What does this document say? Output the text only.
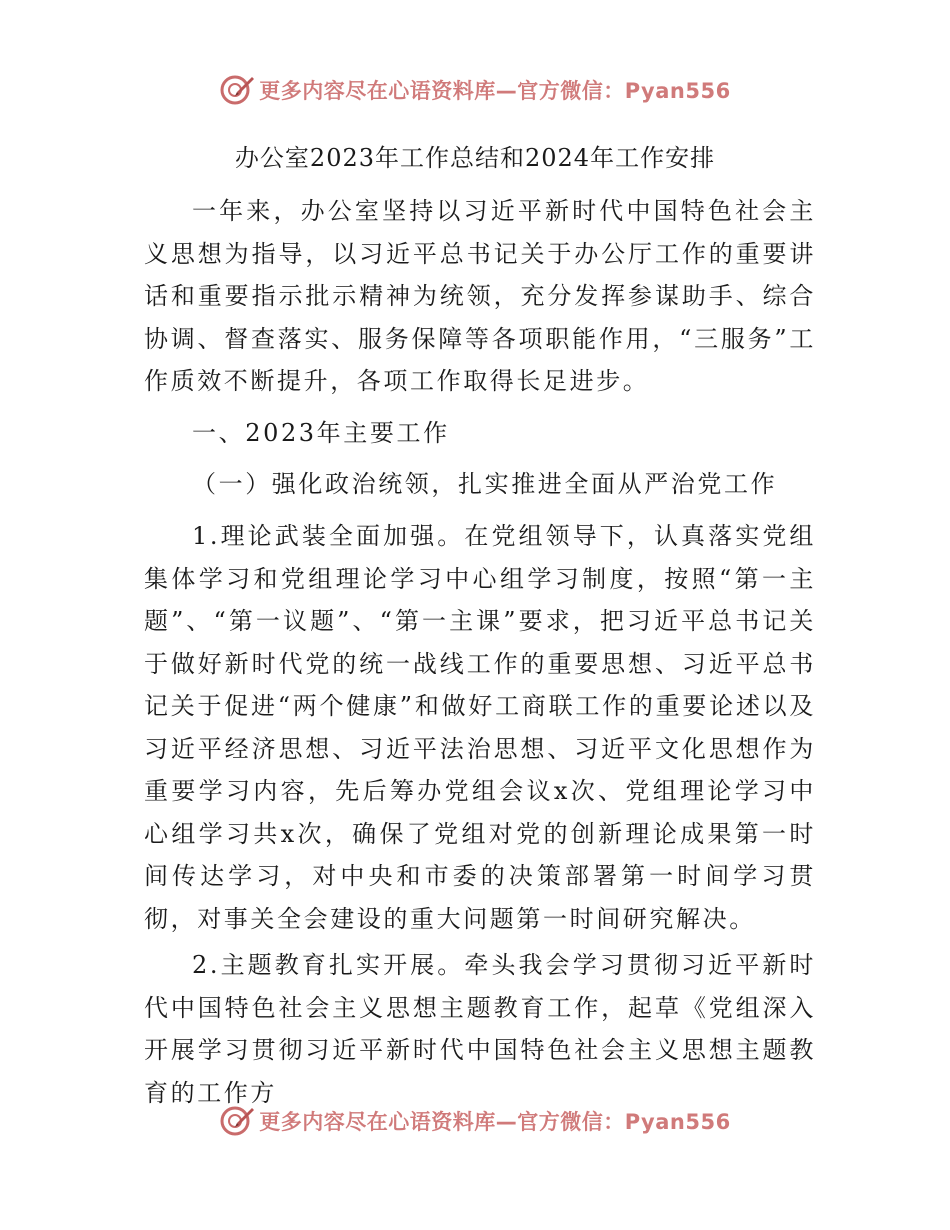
更多内容尽在心语资料库—官方微信：Pyan556
办公室2023年工作总结和2024年工作安排

一年来，办公室坚持以习近平新时代中国特色社会主义思想为指导，以习近平总书记关于办公厅工作的重要讲话和重要指示批示精神为统领，充分发挥参谋助手、综合协调、督查落实、服务保障等各项职能作用，“三服务”工作质效不断提升，各项工作取得长足进步。

一、2023年主要工作

（一）强化政治统领，扎实推进全面从严治党工作

1.理论武装全面加强。在党组领导下，认真落实党组集体学习和党组理论学习中心组学习制度，按照“第一主题”、“第一议题”、“第一主课”要求，把习近平总书记关于做好新时代党的统一战线工作的重要思想、习近平总书记关于促进“两个健康”和做好工商联工作的重要论述以及习近平经济思想、习近平法治思想、习近平文化思想作为重要学习内容，先后筹办党组会议x次、党组理论学习中心组学习共x次，确保了党组对党的创新理论成果第一时间传达学习，对中央和市委的决策部署第一时间学习贯彻，对事关全会建设的重大问题第一时间研究解决。

2.主题教育扎实开展。牵头我会学习贯彻习近平新时代中国特色社会主义思想主题教育工作，起草《党组深入开展学习贯彻习近平新时代中国特色社会主义思想主题教育的工作方

更多内容尽在心语资料库—官方微信：Pyan556
